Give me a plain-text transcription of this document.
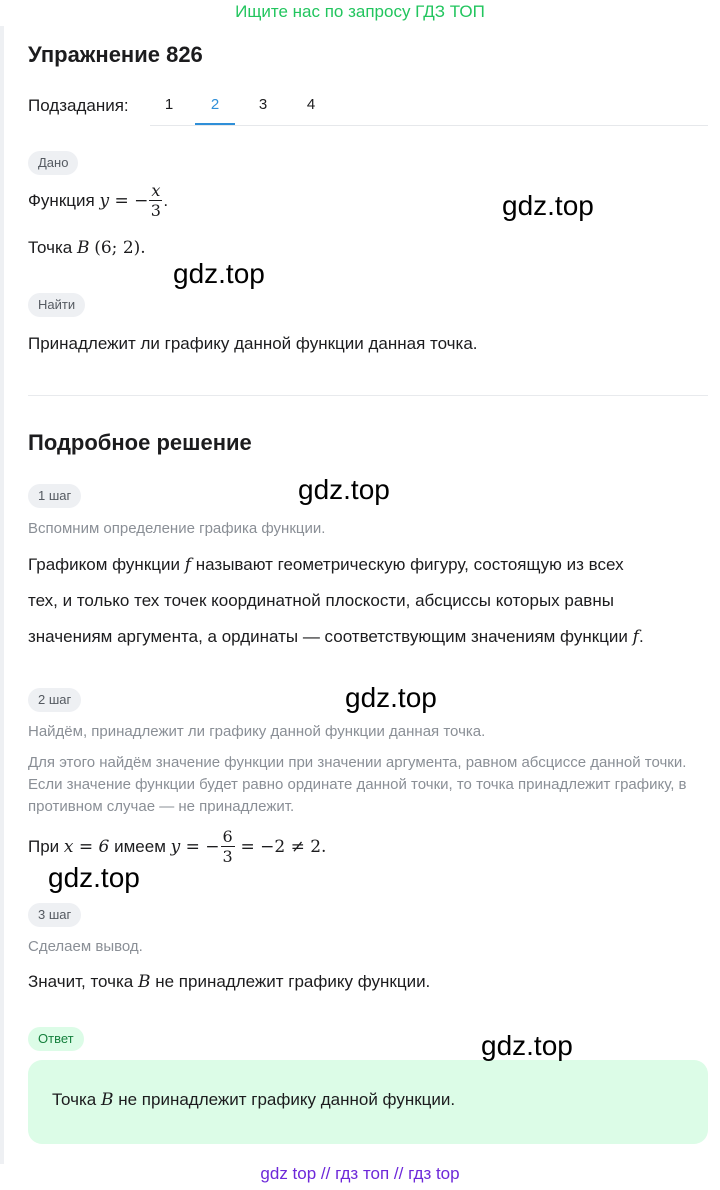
Ищите нас по запросу ГДЗ ТОП
Упражнение 826
Подзадания:	1	2	3	4
Дано
Функция y = − $\frac{x}{3}$ .
Точка B (6; 2).
Найти
Принадлежит ли графику данной функции данная точка.
Подробное решение
1 шаг
Вспомним определение графика функции.
Графиком функции f называют геометрическую фигуру, состоящую из всех
тех, и только тех точек координатной плоскости, абсциссы которых равны
значениям аргумента, а ординаты — соответствующим значениям функции f.
2 шаг
Найдём, принадлежит ли графику данной функции данная точка.
Для этого найдём значение функции при значении аргумента, равном абсциссе данной точки. Если значение функции будет равно ординате данной точки, то точка принадлежит графику, в противном случае — не принадлежит.
При x = 6 имеем y = − $\frac{6}{3} = -2 \ne 2$.
3 шаг
Сделаем вывод.
Значит, точка B не принадлежит графику функции.
Ответ
Точка B не принадлежит графику данной функции.
gdz.top
gdz.top
gdz.top
gdz.top
gdz.top
gdz.top
gdz top // гдз топ // гдз top
